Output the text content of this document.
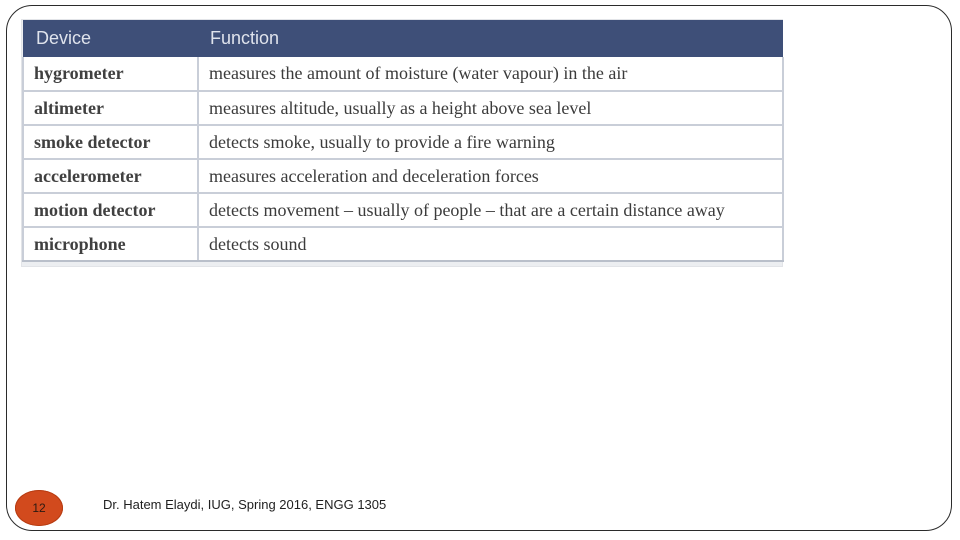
Device	Function
hygrometer	measures the amount of moisture (water vapour) in the air
altimeter	measures altitude, usually as a height above sea level
smoke detector	detects smoke, usually to provide a fire warning
accelerometer	measures acceleration and deceleration forces
motion detector	detects movement – usually of people – that are a certain distance away
microphone	detects sound
12	Dr. Hatem Elaydi, IUG, Spring 2016, ENGG 1305
